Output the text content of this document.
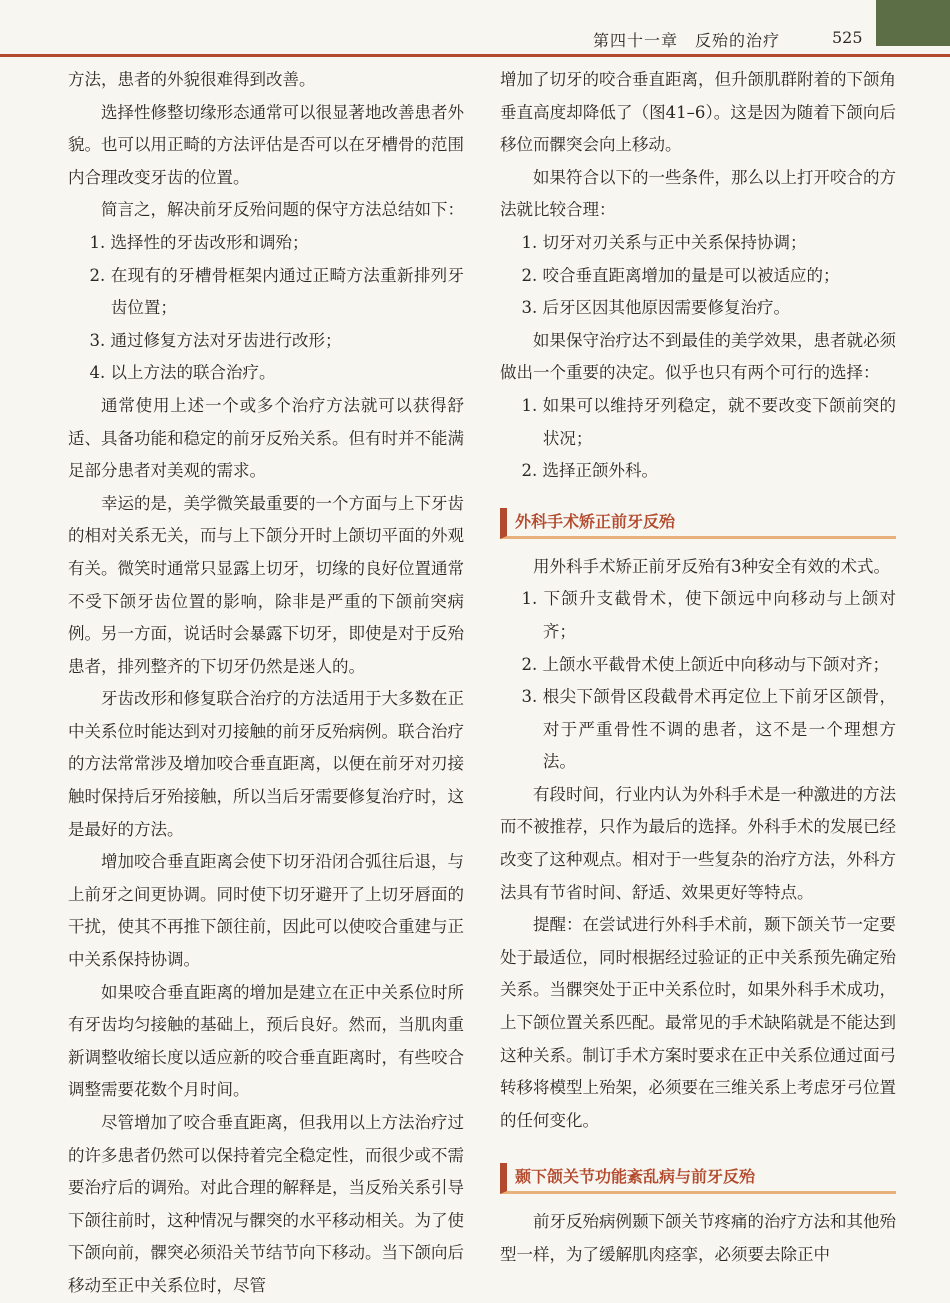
第四十一章　反​殆的治疗	525

方法，患者的外貌很难得到改善。

选择性修整切缘形态通常可以很显著地改善患者外貌。也可以用正畸的方法评估是否可以在牙槽骨的范围内合理改变牙齿的位置。

简言之，解决前牙反​殆问题的保守方法总结如下：

1. 选择性的牙齿改形和调​殆；

2. 在现有的牙槽骨框架内通过正畸方法重新排列牙齿位置；

3. 通过修复方法对牙齿进行改形；

4. 以上方法的联合治疗。

通常使用上述一个或多个治疗方法就可以获得舒适、具备功能和稳定的前牙反​殆关系。但有时并不能满足部分患者对美观的需求。

幸运的是，美学微笑最重要的一个方面与上下牙齿的相对关系无关，而与上下颌分开时上颌切平面的外观有关。微笑时通常只显露上切牙，切缘的良好位置通常不受下颌牙齿位置的影响，除非是严重的下颌前突病例。另一方面，说话时会暴露下切牙，即使是对于反​殆患者，排列整齐的下切牙仍然是迷人的。

牙齿改形和修复联合治疗的方法适用于大多数在正中关系位时能达到对刃接触的前牙反​殆病例。联合治疗的方法常常涉及增加咬合垂直距离，以便在前牙对刃接触时保持后牙​殆接触，所以当后牙需要修复治疗时，这是最好的方法。

增加咬合垂直距离会使下切牙沿闭合弧往后退，与上前牙之间更协调。同时使下切牙避开了上切牙唇面的干扰，使其不再推下颌往前，因此可以使咬合重建与正中关系保持协调。

如果咬合垂直距离的增加是建立在正中关系位时所有牙齿均匀接触的基础上，预后良好。然而，当肌肉重新调整收缩长度以适应新的咬合垂直距离时，有些咬合调整需要花数个月时间。

尽管增加了咬合垂直距离，但我用以上方法治疗过的许多患者仍然可以保持着完全稳定性，而很少或不需要治疗后的调​殆。对此合理的解释是，当反​殆关系引导下颌往前时，这种情况与髁突的水平移动相关。为了使下颌向前，髁突必须沿关节结节向下移动。当下颌向后移动至正中关系位时，尽管

增加了切牙的咬合垂直距离，但升颌肌群附着的下颌角垂直高度却降低了（图41–6）。这是因为随着下颌向后移位而髁突会向上移动。

如果符合以下的一些条件，那么以上打开咬合的方法就比较合理：

1. 切牙对刃关系与正中关系保持协调；

2. 咬合垂直距离增加的量是可以被适应的；

3. 后牙区因其他原因需要修复治疗。

如果保守治疗达不到最佳的美学效果，患者就必须做出一个重要的决定。似乎也只有两个可行的选择：

1. 如果可以维持牙列稳定，就不要改变下颌前突的状况；

2. 选择正颌外科。

外科手术矫正前牙反​殆

用外科手术矫正前牙反​殆有3种安全有效的术式。

1. 下颌升支截骨术，使下颌远中向移动与上颌对齐；

2. 上颌水平截骨术使上颌近中向移动与下颌对齐；

3. 根尖下颌骨区段截骨术再定位上下前牙区颌骨，对于严重骨性不调的患者，这不是一个理想方法。

有段时间，行业内认为外科手术是一种激进的方法而不被推荐，只作为最后的选择。外科手术的发展已经改变了这种观点。相对于一些复杂的治疗方法，外科方法具有节省时间、舒适、效果更好等特点。

提醒：在尝试进行外科手术前，颞下颌关节一定要处于最适位，同时根据经过验证的正中关系预先确定​殆关系。当髁突处于正中关系位时，如果外科手术成功，上下颌位置关系匹配。最常见的手术缺陷就是不能达到这种关系。制订手术方案时要求在正中关系位通过面弓转移将模型上​殆架，必须要在三维关系上考虑牙弓位置的任何变化。

颞下颌关节功能紊乱病与前牙反​殆

前牙反​殆病例颞下颌关节疼痛的治疗方法和其他​殆型一样，为了缓解肌肉痉挛，必须要去除正中
